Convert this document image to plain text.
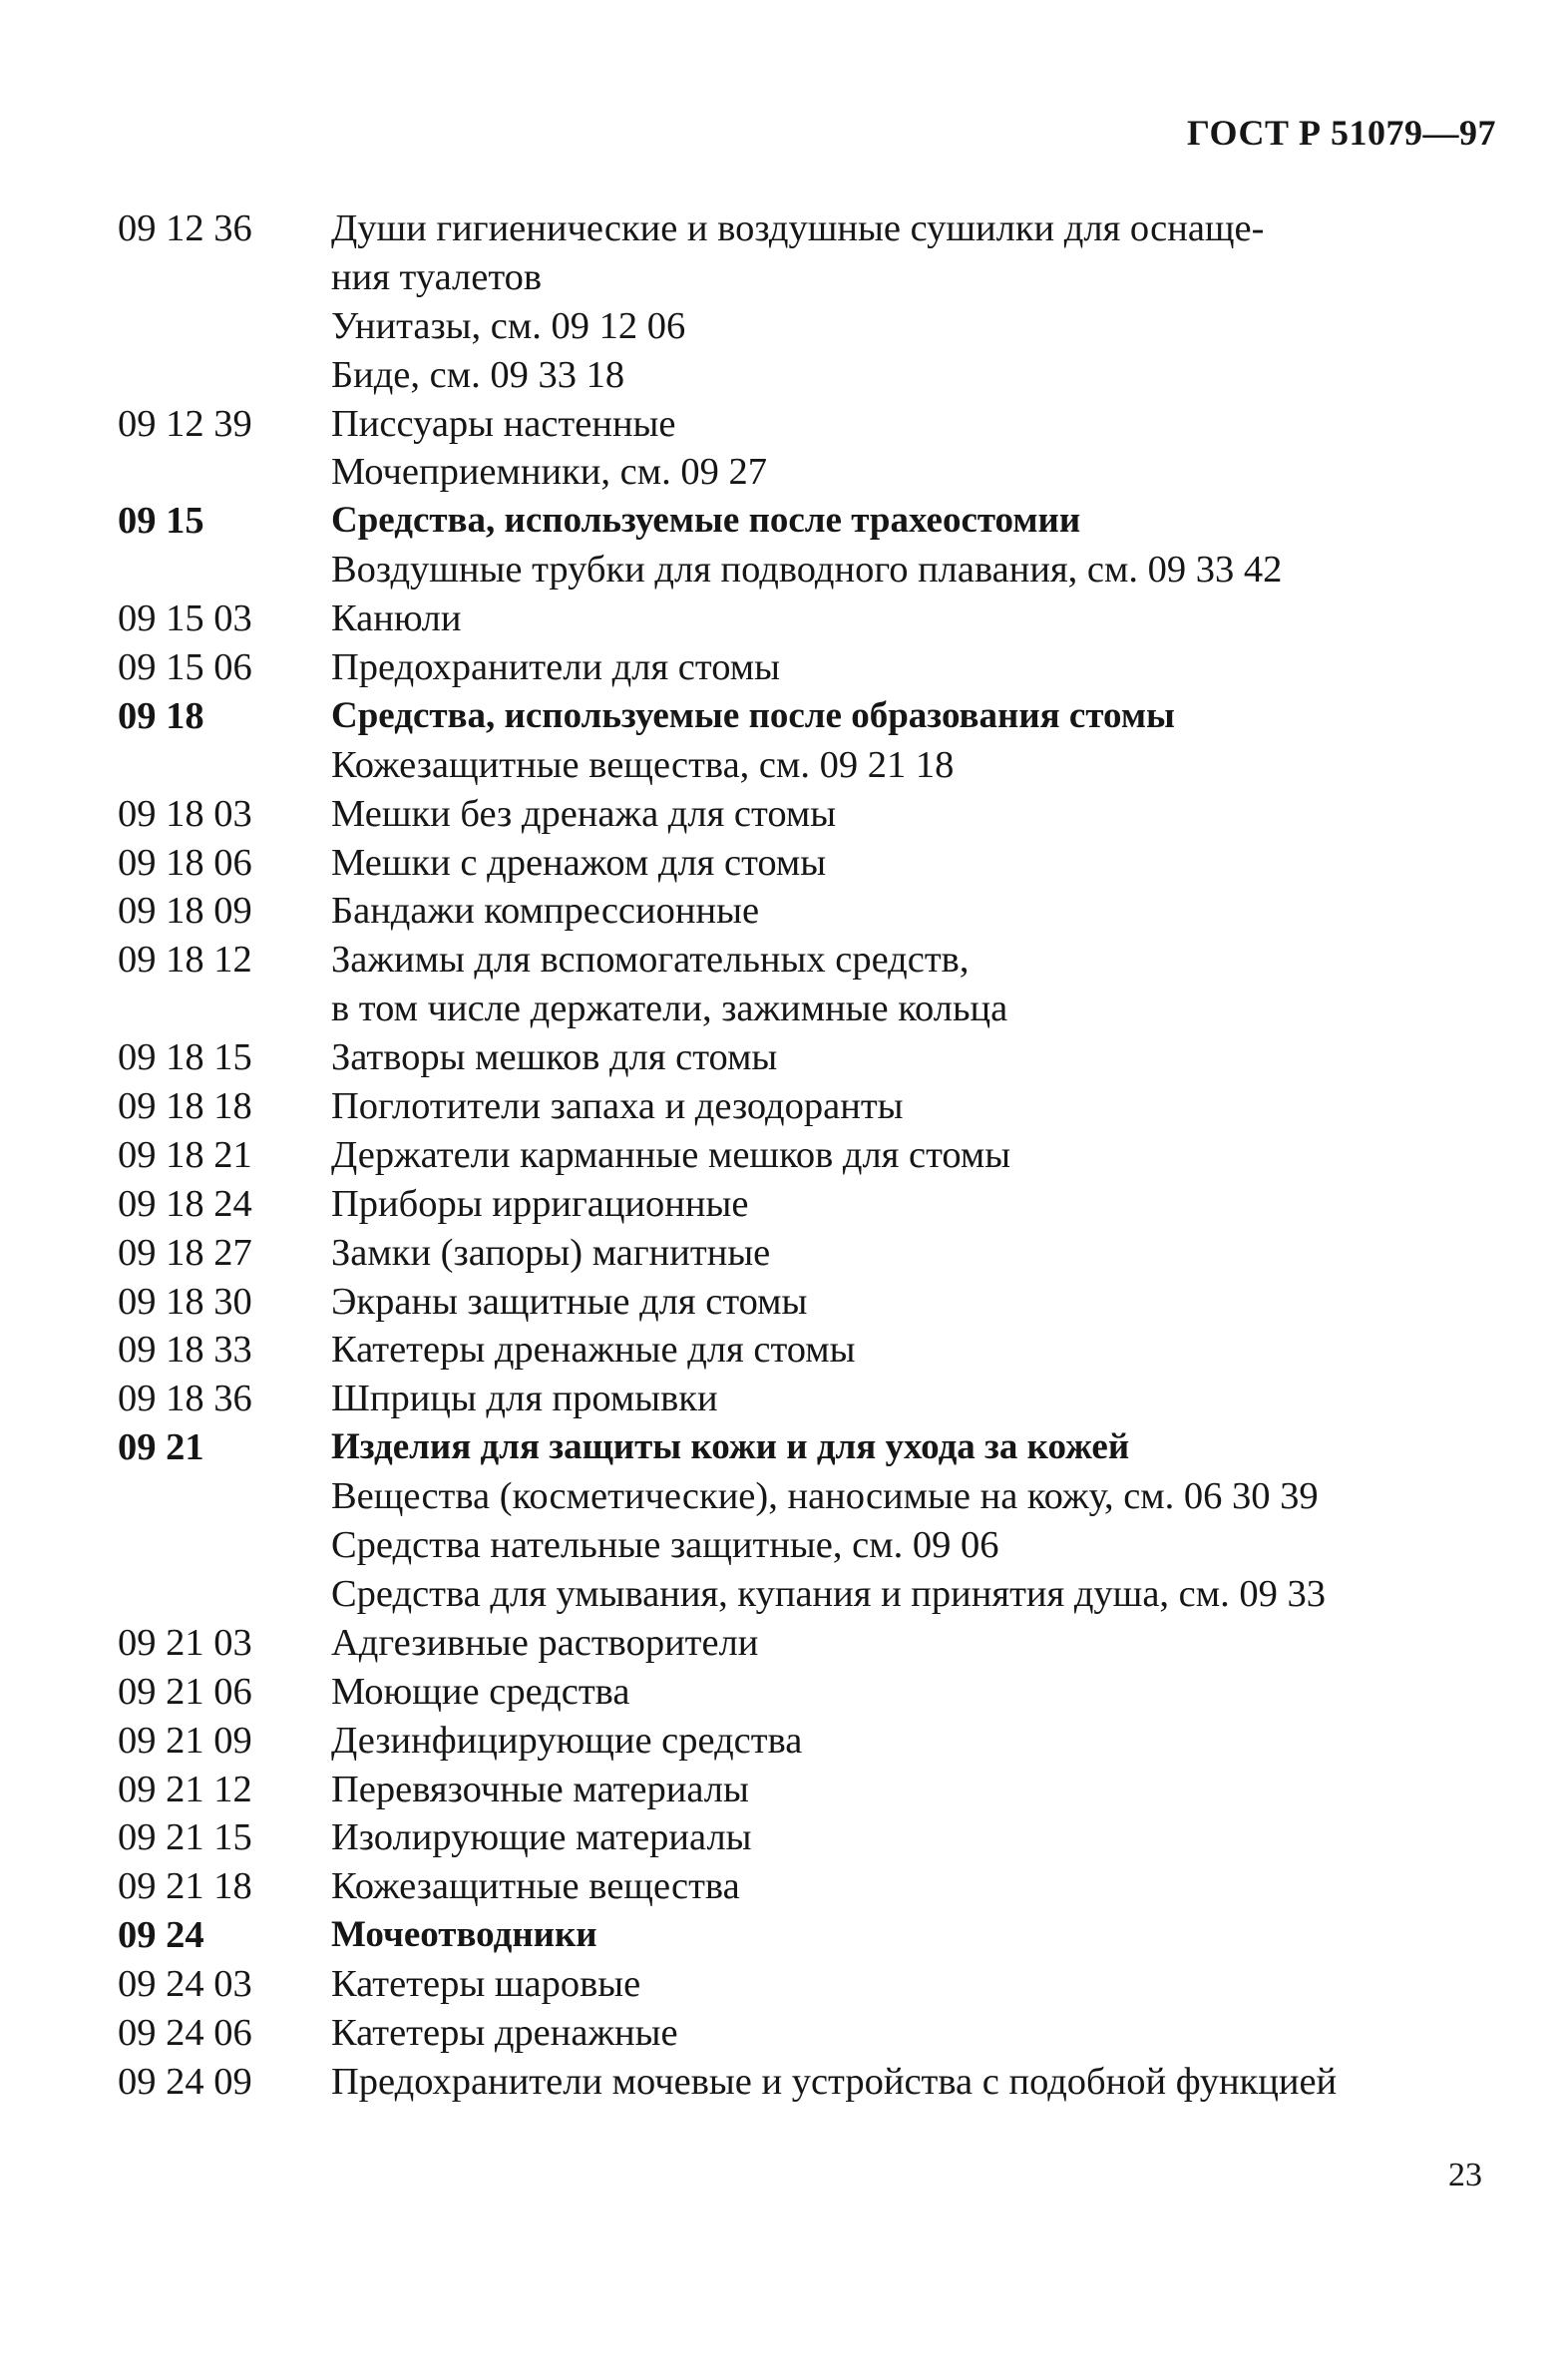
ГОСТ Р 51079—97
09 12 36 Души гигиенические и воздушные сушилки для оснаще-
ния туалетов
Унитазы, см. 09 12 06
Биде, см. 09 33 18
09 12 39 Писсуары настенные
Мочеприемники, см. 09 27
09 15	Средства, используемые после трахеостомии
Воздушные трубки для подводного плавания, см. 09 33 42
09 15 03 Канюли
09 15 06 Предохранители для стомы
09 18	Средства, используемые после образования стомы
Кожезащитные вещества, см. 09 21 18
09 18 03 Мешки без дренажа для стомы
09 18 06 Мешки с дренажом для стомы
09 18 09 Бандажи компрессионные
09 18 12 Зажимы для вспомогательных средств,
в том числе держатели, зажимные кольца
09 18 15 Затворы мешков для стомы
09 18 18 Поглотители запаха и дезодоранты
09 18 21 Держатели карманные мешков для стомы
09 18 24 Приборы ирригационные
09 18 27 Замки (запоры) магнитные
09 18 30 Экраны защитные для стомы
09 18 33 Катетеры дренажные для стомы
09 18 36 Шприцы для промывки
09 21	Изделия для защиты кожи и для ухода за кожей
Вещества (косметические), наносимые на кожу, см. 06 30 39
Средства нательные защитные, см. 09 06
Средства для умывания, купания и принятия душа, см. 09 33
09 21 03 Адгезивные растворители
09 21 06 Моющие средства
09 21 09 Дезинфицирующие средства
09 21 12 Перевязочные материалы
09 21 15 Изолирующие материалы
09 21 18 Кожезащитные вещества
09 24	Мочеотводники
09 24 03 Катетеры шаровые
09 24 06 Катетеры дренажные
09 24 09 Предохранители мочевые и устройства с подобной функцией
23
